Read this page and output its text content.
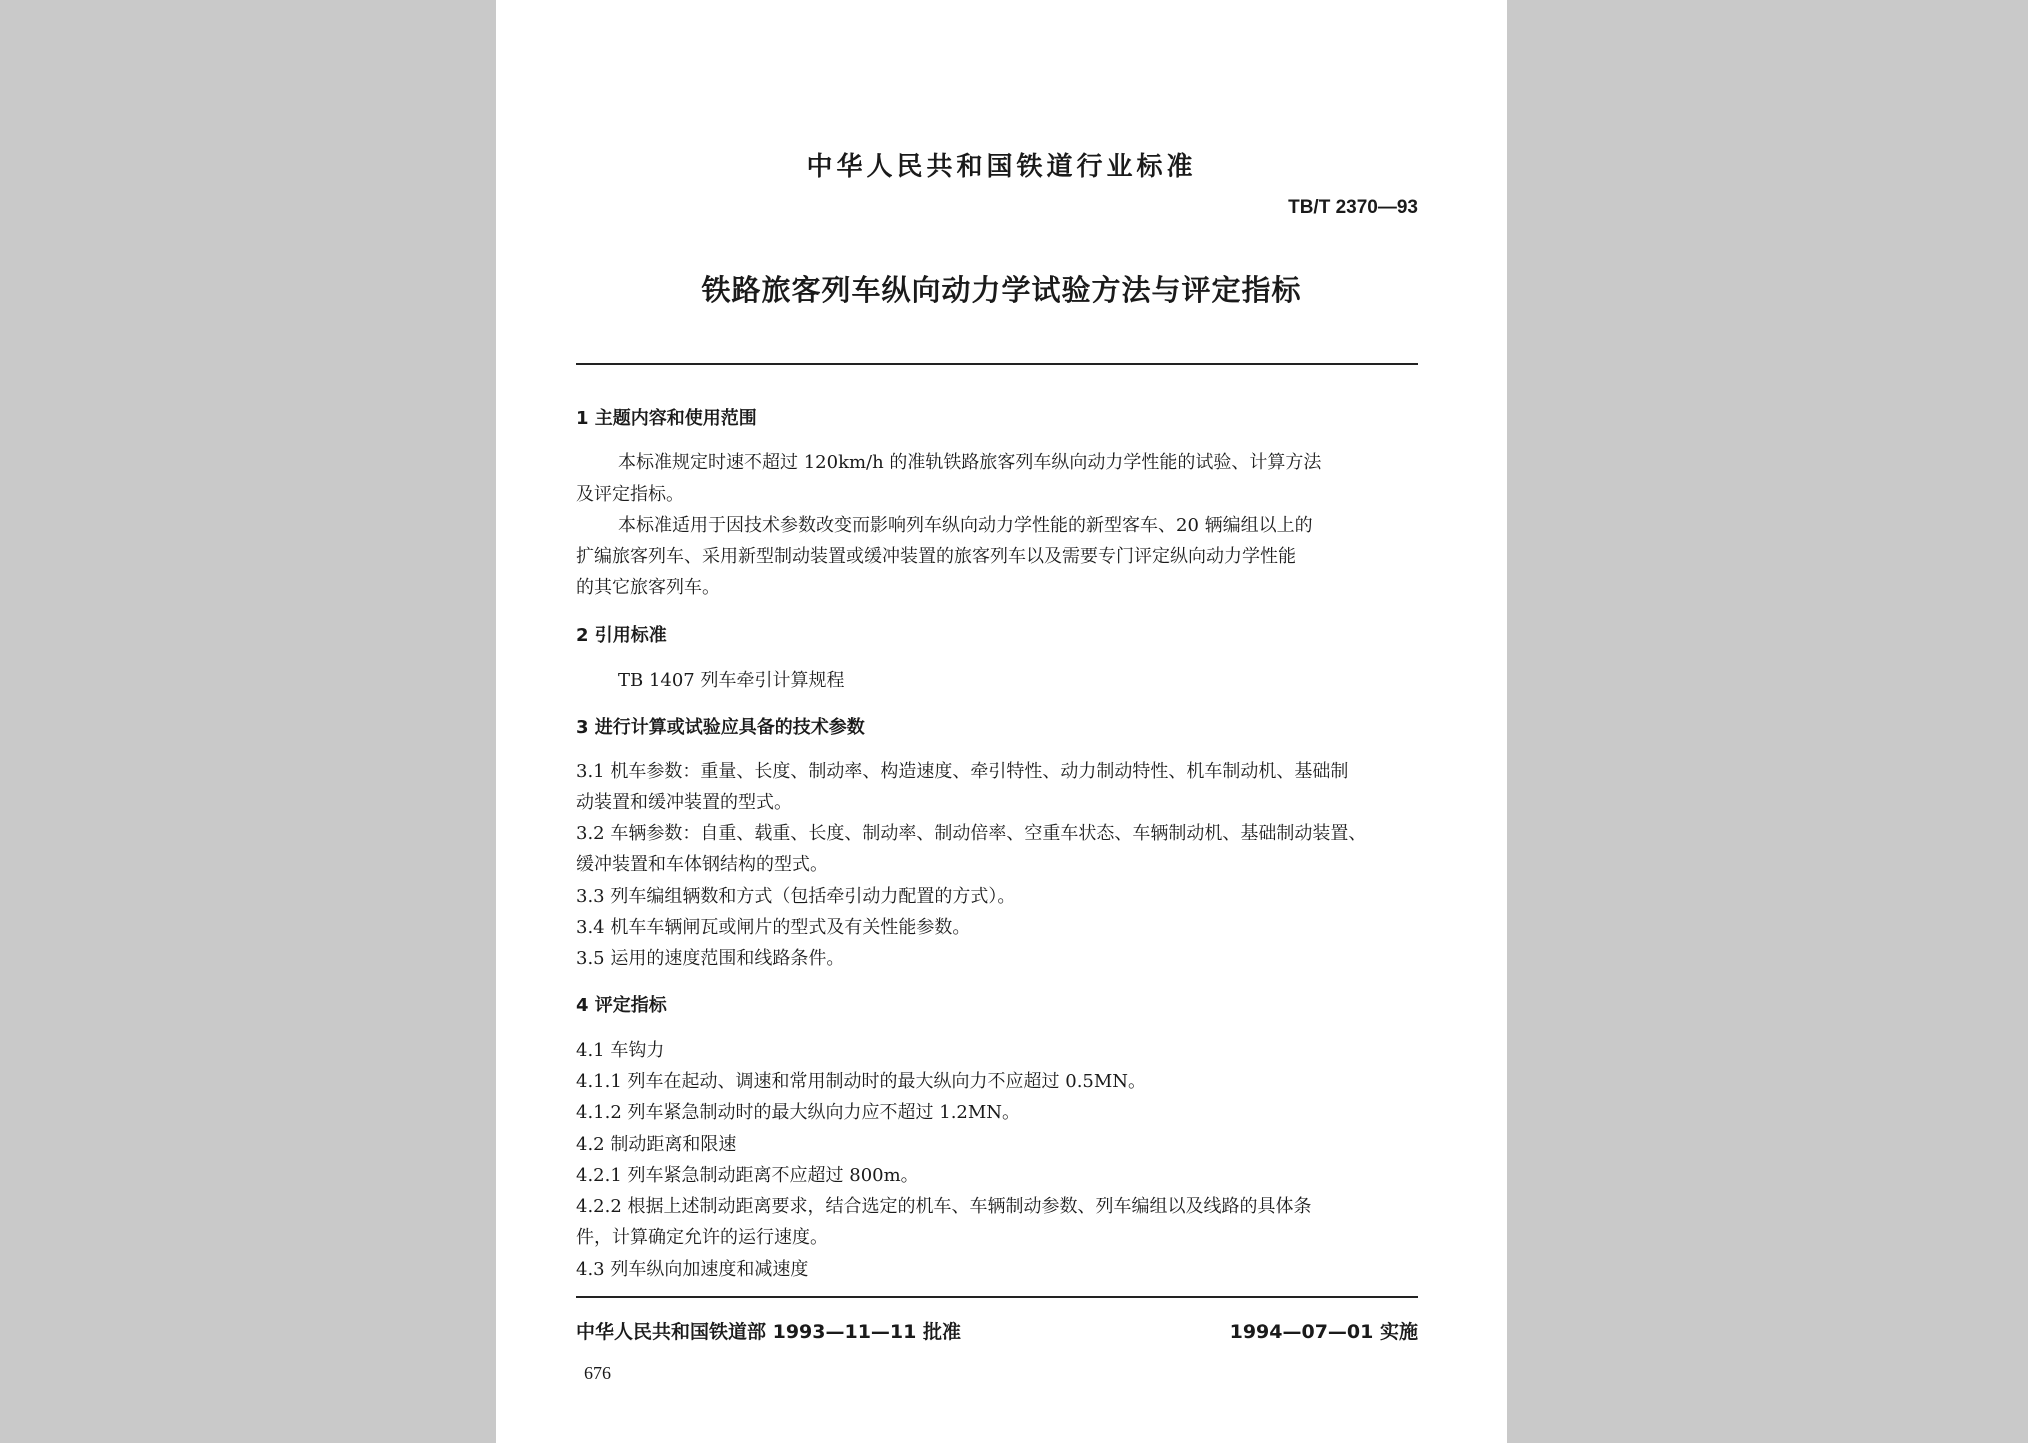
中华人民共和国铁道行业标准
TB/T 2370—93
铁路旅客列车纵向动力学试验方法与评定指标
1 主题内容和使用范围
本标准规定时速不超过 120km/h 的准轨铁路旅客列车纵向动力学性能的试验、计算方法
及评定指标。
本标准适用于因技术参数改变而影响列车纵向动力学性能的新型客车、20 辆编组以上的
扩编旅客列车、采用新型制动装置或缓冲装置的旅客列车以及需要专门评定纵向动力学性能
的其它旅客列车。
2 引用标准
TB 1407 列车牵引计算规程
3 进行计算或试验应具备的技术参数
3.1 机车参数：重量、长度、制动率、构造速度、牵引特性、动力制动特性、机车制动机、基础制
动装置和缓冲装置的型式。
3.2 车辆参数：自重、载重、长度、制动率、制动倍率、空重车状态、车辆制动机、基础制动装置、
缓冲装置和车体钢结构的型式。
3.3 列车编组辆数和方式（包括牵引动力配置的方式）。
3.4 机车车辆闸瓦或闸片的型式及有关性能参数。
3.5 运用的速度范围和线路条件。
4 评定指标
4.1 车钩力
4.1.1 列车在起动、调速和常用制动时的最大纵向力不应超过 0.5MN。
4.1.2 列车紧急制动时的最大纵向力应不超过 1.2MN。
4.2 制动距离和限速
4.2.1 列车紧急制动距离不应超过 800m。
4.2.2 根据上述制动距离要求，结合选定的机车、车辆制动参数、列车编组以及线路的具体条
件，计算确定允许的运行速度。
4.3 列车纵向加速度和减速度
中华人民共和国铁道部 1993—11—11 批准	1994—07—01 实施
676
